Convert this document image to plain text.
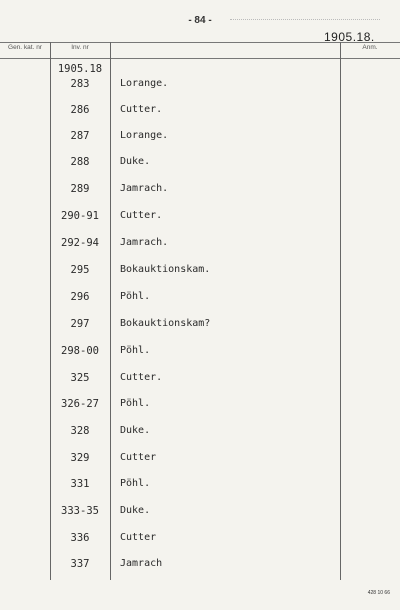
- 84 -
1905.18.
Gen. kat. nr	Inv. nr	Anm.
1905.18
283	Lorange.
286	Cutter.
287	Lorange.
288	Duke.
289	Jamrach.
290-91	Cutter.
292-94	Jamrach.
295	Bokauktionskam.
296	Pöhl.
297	Bokauktionskam?
298-00	Pöhl.
325	Cutter.
326-27	Pöhl.
328	Duke.
329	Cutter
331	Pöhl.
333-35	Duke.
336	Cutter
337	Jamrach
428 10 66
